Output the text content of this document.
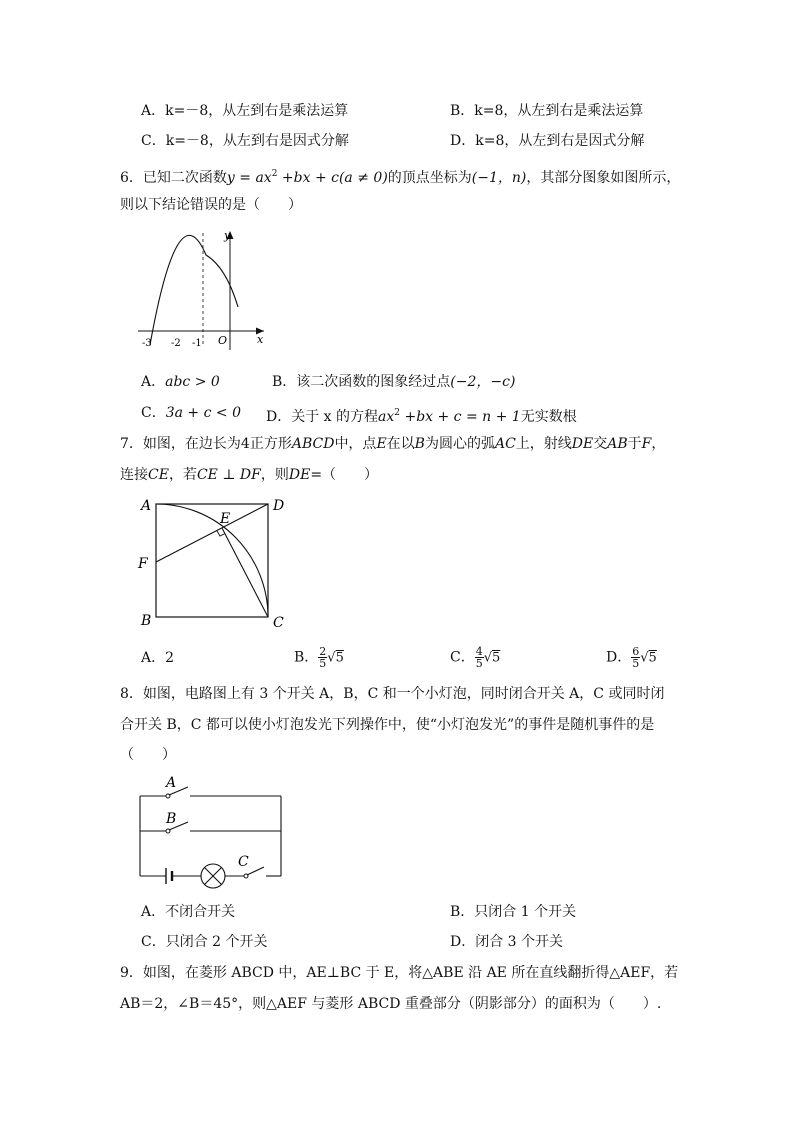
A．k=－8，从左到右是乘法运算	B．k=8，从左到右是乘法运算
C．k=－8，从左到右是因式分解	D．k=8，从左到右是因式分解
6．已知二次函数$y = ax^2 +bx + c(a \ne 0)$的顶点坐标为(−1，n)，其部分图象如图所示，
则以下结论错误的是（　　）
y
x
O
-3 -2 -1
A．abc > 0	B．该二次函数的图象经过点(−2，−c)
C．3a + c < 0 D．关于 x 的方程$ax^2 +bx + c = n + 1$无实数根
7．如图，在边长为4正方形ABCD中，点E在以B为圆心的弧AC上，射线DE交AB于F，
连接CE，若CE ⊥ DF，则DE=（　　）
A	D
E
F
B	C
A．2	B． $\frac{2}{5} √5$	C． $\frac{4}{5} √5$	D． $\frac{6}{5} √5$
8．如图，电路图上有 3 个开关 A，B，C 和一个小灯泡，同时闭合开关 A，C 或同时闭
合开关 B，C 都可以使小灯泡发光下列操作中，使“小灯泡发光”的事件是随机事件的是
（　　）
A
B
C
A．不闭合开关	B．只闭合 1 个开关
C．只闭合 2 个开关	D．闭合 3 个开关
9．如图，在菱形 ABCD 中，AE⊥BC 于 E，将△ABE 沿 AE 所在直线翻折得△AEF，若
AB＝2，∠B＝45°，则△AEF 与菱形 ABCD 重叠部分（阴影部分）的面积为（　　）.
